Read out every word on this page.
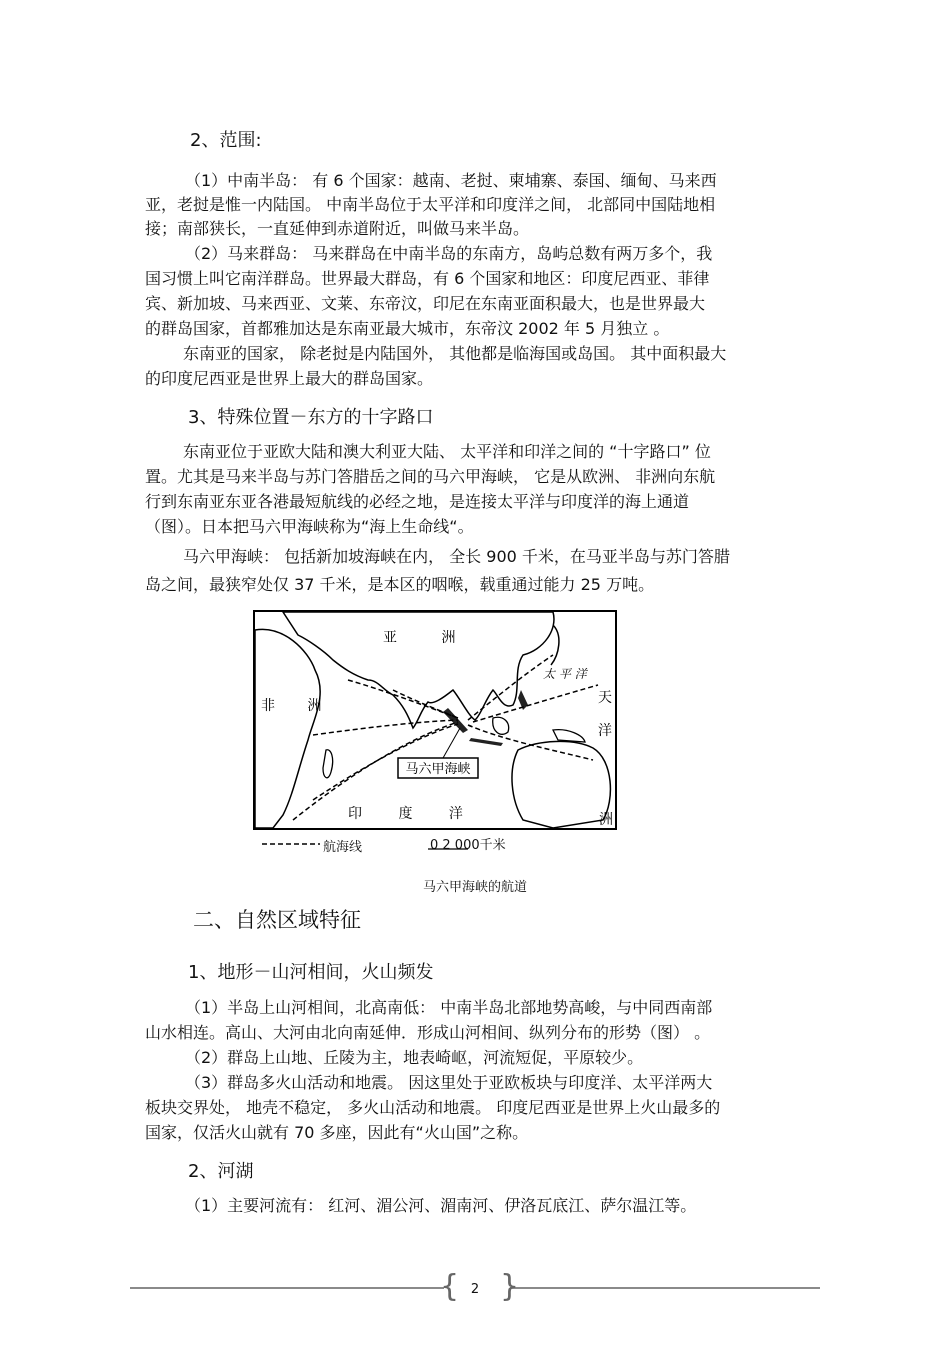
2、范围:
（1）中南半岛： 有 6 个国家：越南、老挝、柬埔寨、泰国、缅甸、马来西
亚，老挝是惟一内陆国。 中南半岛位于太平洋和印度洋之间， 北部同中国陆地相
接；南部狭长，一直延伸到赤道附近，叫做马来半岛。
（2）马来群岛： 马来群岛在中南半岛的东南方，岛屿总数有两万多个，我
国习惯上叫它南洋群岛。世界最大群岛，有 6 个国家和地区：印度尼西亚、菲律
宾、新加坡、马来西亚、文莱、东帝汶，印尼在东南亚面积最大，也是世界最大
的群岛国家，首都雅加达是东南亚最大城市，东帝汶 2002 年 5 月独立 。
东南亚的国家， 除老挝是内陆国外， 其他都是临海国或岛国。 其中面积最大
的印度尼西亚是世界上最大的群岛国家。
3、特殊位置－东方的十字路口
东南亚位于亚欧大陆和澳大利亚大陆、 太平洋和印洋之间的 “十字路口” 位
置。尤其是马来半岛与苏门答腊岳之间的马六甲海峡， 它是从欧洲、 非洲向东航
行到东南亚东亚各港最短航线的必经之地，是连接太平洋与印度洋的海上通道
（图）。日本把马六甲海峡称为“海上生命线“。
马六甲海峡： 包括新加坡海峡在内， 全长 900 千米，在马亚半岛与苏门答腊
岛之间，最狭窄处仅 37 千米，是本区的咽喉，载重通过能力 25 万吨。
马六甲海峡
亚 洲
非 洲
太 平 洋
天
洋
洲
印 度 洋
航海线	0 2 000千米
马六甲海峡的航道
二、自然区域特征
1、地形－山河相间，火山频发
（1）半岛上山河相间，北高南低： 中南半岛北部地势高峻，与中同西南部
山水相连。高山、大河由北向南延伸．形成山河相间、纵列分布的形势（图） 。
（2）群岛上山地、丘陵为主，地表崎岖，河流短促，平原较少。
（3）群岛多火山活动和地震。 因这里处于亚欧板块与印度洋、太平洋两大
板块交界处， 地壳不稳定， 多火山活动和地震。 印度尼西亚是世界上火山最多的
国家，仅活火山就有 70 多座，因此有“火山国”之称。
2、河湖
（1）主要河流有： 红河、湄公河、湄南河、伊洛瓦底江、萨尔温江等。
{ }
2
